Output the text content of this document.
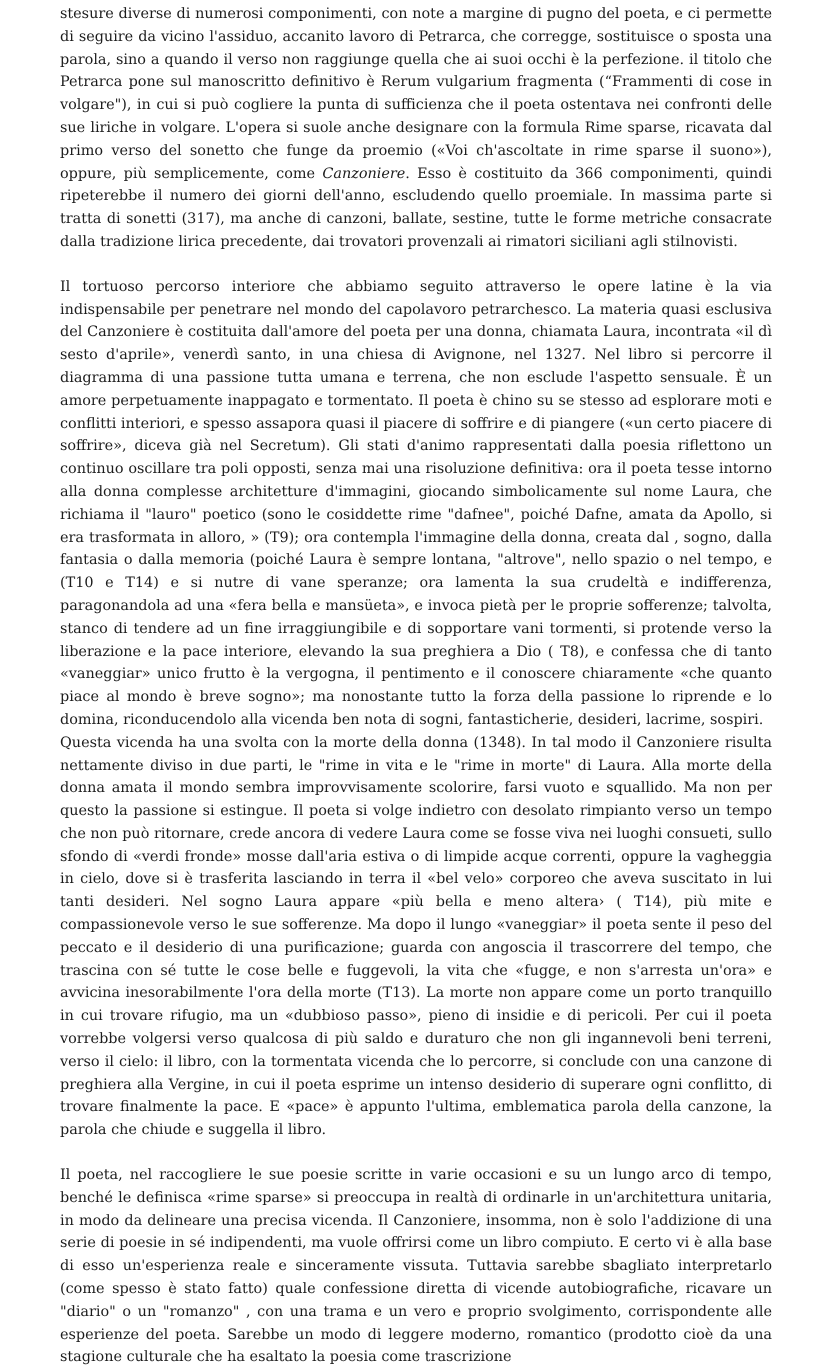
stesure diverse di numerosi componimenti, con note a margine di pugno del poeta, e ci permette di seguire da vicino l'assiduo, accanito lavoro di Petrarca, che corregge, sostituisce o sposta una parola, sino a quando il verso non raggiunge quella che ai suoi occhi è la perfezione. il titolo che Petrarca pone sul manoscritto definitivo è Rerum vulgarium fragmenta (“Frammenti di cose in volgare"), in cui si può cogliere la punta di sufficienza che il poeta ostentava nei confronti delle sue liriche in volgare. L'opera si suole anche designare con la formula Rime sparse, ricavata dal primo verso del sonetto che funge da proemio («Voi ch'ascoltate in rime sparse il suono»), oppure, più semplicemente, come Canzoniere. Esso è costituito da 366 componimenti, quindi ripeterebbe il numero dei giorni dell'anno, escludendo quello proemiale. In massima parte si tratta di sonetti (317), ma anche di canzoni, ballate, sestine, tutte le forme metriche consacrate dalla tradizione lirica precedente, dai trovatori provenzali ai rimatori siciliani agli stilnovisti.

Il tortuoso percorso interiore che abbiamo seguito attraverso le opere latine è la via indispensabile per penetrare nel mondo del capolavoro petrarchesco. La materia quasi esclusiva del Canzoniere è costituita dall'amore del poeta per una donna, chiamata Laura, incontrata «il dì sesto d'aprile», venerdì santo, in una chiesa di Avignone, nel 1327. Nel libro si percorre il diagramma di una passione tutta umana e terrena, che non esclude l'aspetto sensuale. È un amore perpetuamente inappagato e tormentato. Il poeta è chino su se stesso ad esplorare moti e conflitti interiori, e spesso assapora quasi il piacere di soffrire e di piangere («un certo piacere di soffrire», diceva già nel Secretum). Gli stati d'animo rappresentati dalla poesia riflettono un continuo oscillare tra poli opposti, senza mai una risoluzione definitiva: ora il poeta tesse intorno alla donna complesse architetture d'immagini, giocando simbolicamente sul nome Laura, che richiama il "lauro" poetico (sono le cosiddette rime "dafnee", poiché Dafne, amata da Apollo, si era trasformata in alloro, » (T9); ora contempla l'immagine della donna, creata dal , sogno, dalla fantasia o dalla memoria (poiché Laura è sempre lontana, "altrove", nello spazio o nel tempo, e (T10 e T14) e si nutre di vane speranze; ora lamenta la sua crudeltà e indifferenza, paragonandola ad una «fera bella e mansüeta», e invoca pietà per le proprie sofferenze; talvolta, stanco di tendere ad un fine irraggiungibile e di sopportare vani tormenti, si protende verso la liberazione e la pace interiore, elevando la sua preghiera a Dio ( T8), e confessa che di tanto «vaneggiar» unico frutto è la vergogna, il pentimento e il conoscere chiaramente «che quanto piace al mondo è breve sogno»; ma nonostante tutto la forza della passione lo riprende e lo domina, riconducendolo alla vicenda ben nota di sogni, fantasticherie, desideri, lacrime, sospiri.

Questa vicenda ha una svolta con la morte della donna (1348). In tal modo il Canzoniere risulta nettamente diviso in due parti, le "rime in vita e le "rime in morte" di Laura. Alla morte della donna amata il mondo sembra improvvisamente scolorire, farsi vuoto e squallido. Ma non per questo la passione si estingue. Il poeta si volge indietro con desolato rimpianto verso un tempo che non può ritornare, crede ancora di vedere Laura come se fosse viva nei luoghi consueti, sullo sfondo di «verdi fronde» mosse dall'aria estiva o di limpide acque correnti, oppure la vagheggia in cielo, dove si è trasferita lasciando in terra il «bel velo» corporeo che aveva suscitato in lui tanti desideri. Nel sogno Laura appare «più bella e meno altera› ( T14), più mite e compassionevole verso le sue sofferenze. Ma dopo il lungo «vaneggiar» il poeta sente il peso del peccato e il desiderio di una purificazione; guarda con angoscia il trascorrere del tempo, che trascina con sé tutte le cose belle e fuggevoli, la vita che «fugge, e non s'arresta un'ora» e avvicina inesorabilmente l'ora della morte (T13). La morte non appare come un porto tranquillo in cui trovare rifugio, ma un «dubbioso passo», pieno di insidie e di pericoli. Per cui il poeta vorrebbe volgersi verso qualcosa di più saldo e duraturo che non gli ingannevoli beni terreni, verso il cielo: il libro, con la tormentata vicenda che lo percorre, si conclude con una canzone di preghiera alla Vergine, in cui il poeta esprime un intenso desiderio di superare ogni conflitto, di trovare finalmente la pace. E «pace» è appunto l'ultima, emblematica parola della canzone, la parola che chiude e suggella il libro.

Il poeta, nel raccogliere le sue poesie scritte in varie occasioni e su un lungo arco di tempo, benché le definisca «rime sparse» si preoccupa in realtà di ordinarle in un'architettura unitaria, in modo da delineare una precisa vicenda. Il Canzoniere, insomma, non è solo l'addizione di una serie di poesie in sé indipendenti, ma vuole offrirsi come un libro compiuto. E certo vi è alla base di esso un'esperienza reale e sinceramente vissuta. Tuttavia sarebbe sbagliato interpretarlo (come spesso è stato fatto) quale confessione diretta di vicende autobiografiche, ricavare un "diario" o un "romanzo" , con una trama e un vero e proprio svolgimento, corrispondente alle esperienze del poeta. Sarebbe un modo di leggere moderno, romantico (prodotto cioè da una stagione culturale che ha esaltato la poesia come trascrizione
